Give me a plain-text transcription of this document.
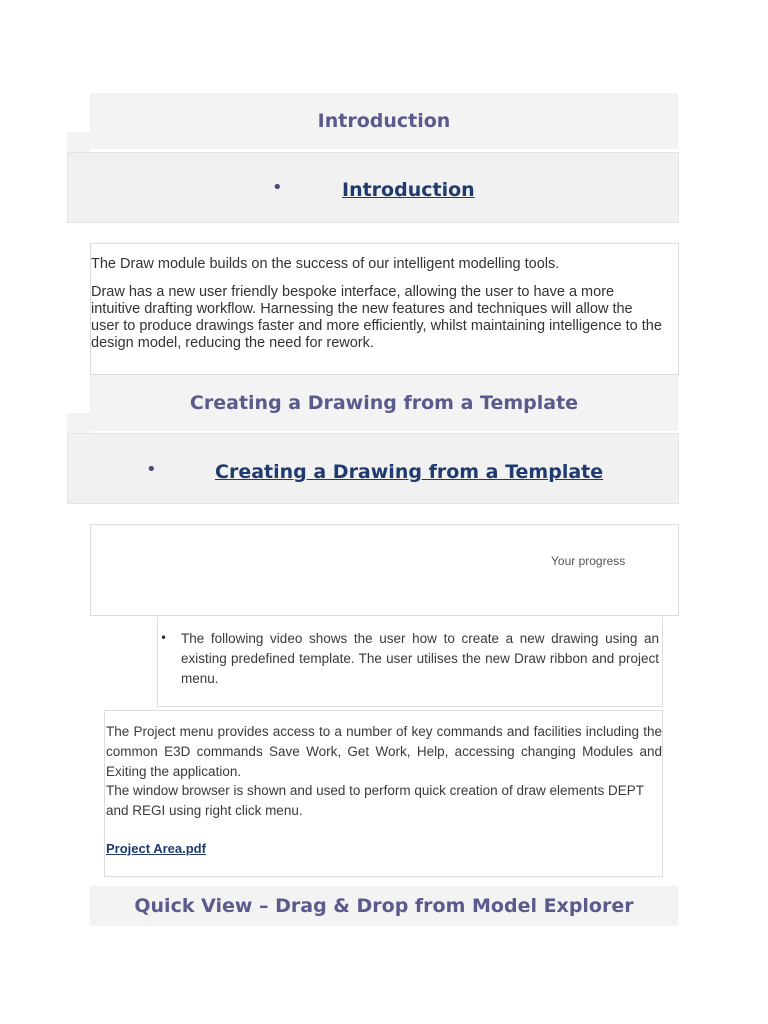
Introduction
•	Introduction
The Draw module builds on the success of our intelligent modelling tools.
Draw has a new user friendly bespoke interface, allowing the user to have a more intuitive drafting workflow. Harnessing the new features and techniques will allow the user to produce drawings faster and more efficiently, whilst maintaining intelligence to the design model, reducing the need for rework.
Creating a Drawing from a Template
•	Creating a Drawing from a Template
Your progress
• The following video shows the user how to create a new drawing using an existing predefined template. The user utilises the new Draw ribbon and project menu.
The Project menu provides access to a number of key commands and facilities including the common E3D commands Save Work, Get Work, Help, accessing changing Modules and Exiting the application.
The window browser is shown and used to perform quick creation of draw elements DEPT and REGI using right click menu.
Project Area.pdf
Quick View – Drag & Drop from Model Explorer
